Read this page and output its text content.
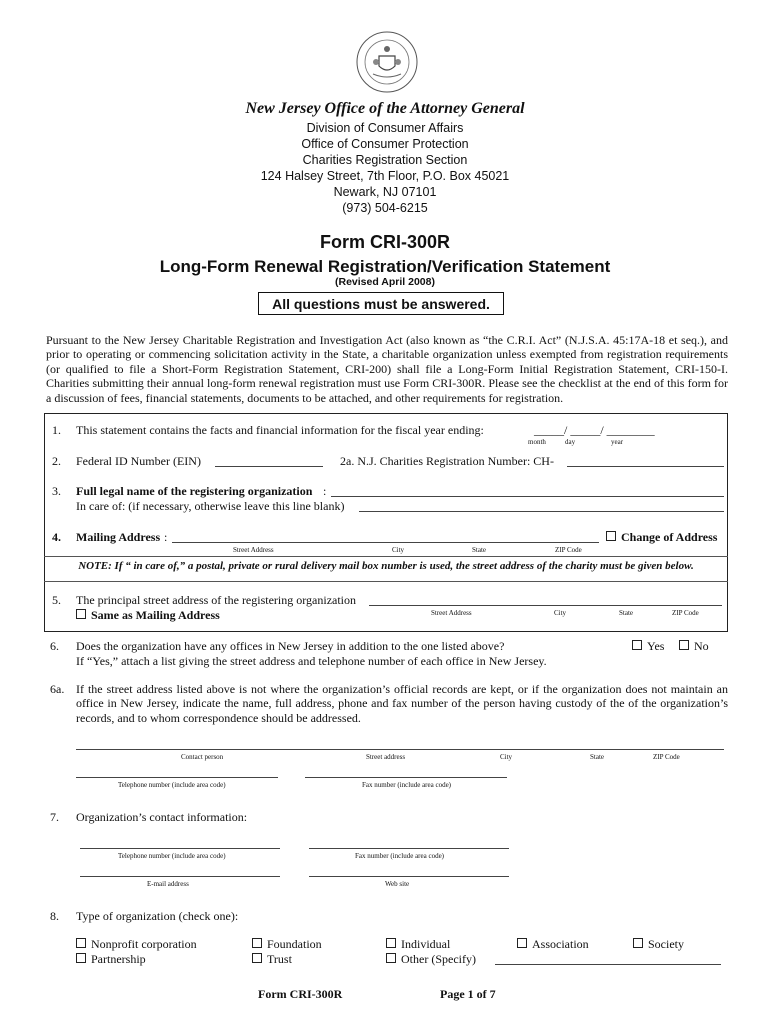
New Jersey Office of the Attorney General
Division of Consumer Affairs
Office of Consumer Protection
Charities Registration Section
124 Halsey Street, 7th Floor, P.O. Box 45021
Newark, NJ 07101
(973) 504-6215
Form CRI-300R
Long-Form Renewal Registration/Verification Statement
(Revised April 2008)
All questions must be answered.
Pursuant to the New Jersey Charitable Registration and Investigation Act (also known as “the C.R.I. Act” (N.J.S.A. 45:17A-18 et seq.), and prior to operating or commencing solicitation activity in the State, a charitable organization unless exempted from registration requirements (or qualified to file a Short-Form Registration Statement, CRI-200) shall file a Long-Form Initial Registration Statement, CRI-150-I. Charities submitting their annual long-form renewal registration must use Form CRI-300R. Please see the checklist at the end of this form for a discussion of fees, financial statements, documents to be attached, and other requirements for registration.
1. This statement contains the facts and financial information for the fiscal year ending:	_____/ _____/ ________
month	day	year
2. Federal ID Number (EIN)	2a. N.J. Charities Registration Number: CH-
3. Full legal name of the registering organization :
In care of: (if necessary, otherwise leave this line blank)
4. Mailing Address :	Change of Address
Street Address	City	State	ZIP Code
NOTE: If “ in care of,” a postal, private or rural delivery mail box number is used, the street address of the charity must be given below.
5. The principal street address of the registering organization
Same as Mailing Address	Street Address	City	State	ZIP Code
6. Does the organization have any offices in New Jersey in addition to the one listed above?	Yes	No
If “Yes,” attach a list giving the street address and telephone number of each office in New Jersey.
6a. If the street address listed above is not where the organization’s official records are kept, or if the organization does not maintain an office in New Jersey, indicate the name, full address, phone and fax number of the person having custody of the of the organization’s records, and to whom correspondence should be addressed.
Contact person	Street address	City	State	ZIP Code
Telephone number (include area code)	Fax number (include area code)
7. Organization’s contact information:
Telephone number (include area code)	Fax number (include area code)
E-mail address	Web site
8. Type of organization (check one):
Nonprofit corporation	Foundation	Individual	Association	Society
Partnership	Trust	Other (Specify)
Form CRI-300R	Page 1 of 7
